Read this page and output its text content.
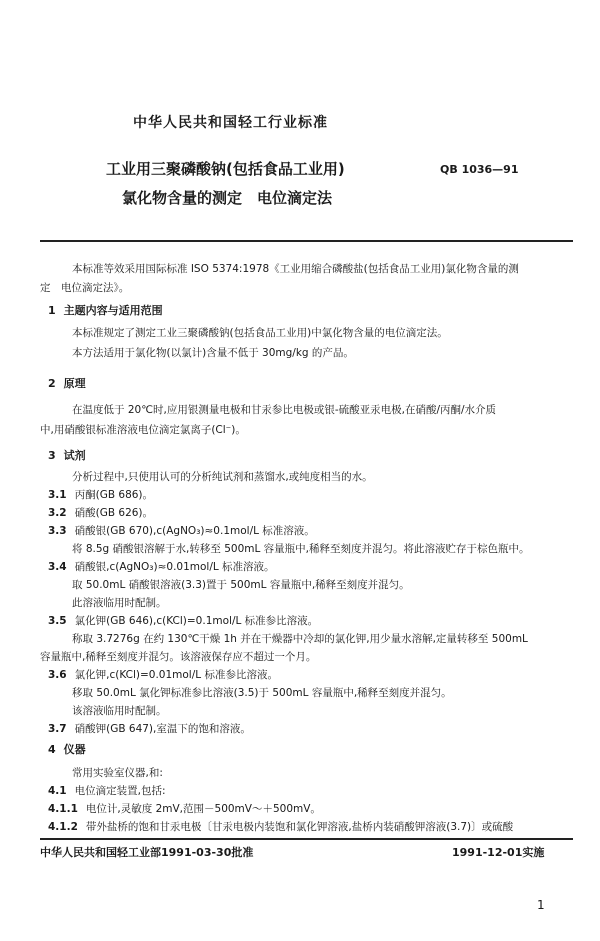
中华人民共和国轻工行业标准
工业用三聚磷酸钠(包括食品工业用)	QB 1036—91
氯化物含量的测定　电位滴定法
本标准等效采用国际标准 ISO 5374:1978《工业用缩合磷酸盐(包括食品工业用)氯化物含量的测
定　电位滴定法》。
1 主题内容与适用范围
本标准规定了测定工业三聚磷酸钠(包括食品工业用)中氯化物含量的电位滴定法。
本方法适用于氯化物(以氯计)含量不低于 30mg/kg 的产品。
2 原理
在温度低于 20℃时,应用银测量电极和甘汞参比电极或银-硫酸亚汞电极,在硝酸/丙酮/水介质
中,用硝酸银标准溶液电位滴定氯离子(Cl⁻)。
3 试剂
分析过程中,只使用认可的分析纯试剂和蒸馏水,或纯度相当的水。
3.1 丙酮(GB 686)。
3.2 硝酸(GB 626)。
3.3 硝酸银(GB 670),c(AgNO₃)≈0.1mol/L 标准溶液。
将 8.5g 硝酸银溶解于水,转移至 500mL 容量瓶中,稀释至刻度并混匀。将此溶液贮存于棕色瓶中。
3.4 硝酸银,c(AgNO₃)≈0.01mol/L 标准溶液。
取 50.0mL 硝酸银溶液(3.3)置于 500mL 容量瓶中,稀释至刻度并混匀。
此溶液临用时配制。
3.5 氯化钾(GB 646),c(KCl)=0.1mol/L 标准参比溶液。
称取 3.7276g 在约 130℃干燥 1h 并在干燥器中冷却的氯化钾,用少量水溶解,定量转移至 500mL
容量瓶中,稀释至刻度并混匀。该溶液保存应不超过一个月。
3.6 氯化钾,c(KCl)=0.01mol/L 标准参比溶液。
移取 50.0mL 氯化钾标准参比溶液(3.5)于 500mL 容量瓶中,稀释至刻度并混匀。
该溶液临用时配制。
3.7 硝酸钾(GB 647),室温下的饱和溶液。
4 仪器
常用实验室仪器,和:
4.1 电位滴定装置,包括:
4.1.1 电位计,灵敏度 2mV,范围－500mV～＋500mV。
4.1.2 带外盐桥的饱和甘汞电极〔甘汞电极内装饱和氯化钾溶液,盐桥内装硝酸钾溶液(3.7)〕或硫酸
中华人民共和国轻工业部1991-03-30批准	1991-12-01实施
1
